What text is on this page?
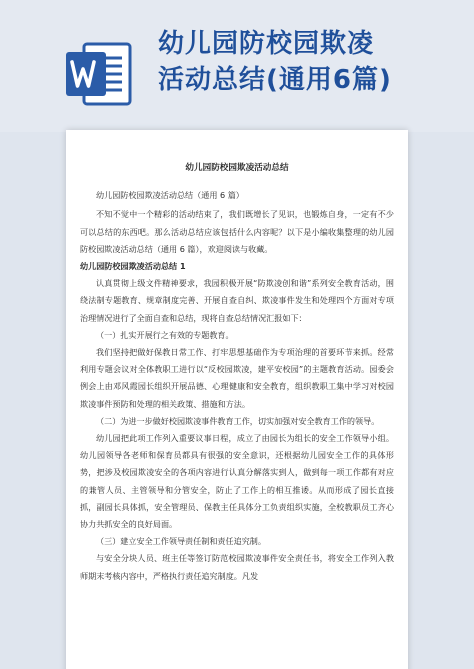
幼儿园防校园欺凌
活动总结(通用6篇)
幼儿园防校园欺凌活动总结

幼儿园防校园欺凌活动总结（通用 6 篇）

不知不觉中一个精彩的活动结束了，我们既增长了见识，也锻炼自身，一定有不少可以总结的东西吧。那么活动总结应该包括什么内容呢？以下是小编收集整理的幼儿园防校园欺凌活动总结（通用 6 篇），欢迎阅读与收藏。

幼儿园防校园欺凌活动总结 1

认真贯彻上级文件精神要求，我园积极开展“防欺凌创和谐”系列安全教育活动，围绕法制专题教育、规章制度完善、开展自查自纠、欺凌事件发生和处理四个方面对专项治理情况进行了全面自查和总结，现将自查总结情况汇报如下：

（一）扎实开展行之有效的专题教育。

我们坚持把做好保教日常工作、打牢思想基础作为专项治理的首要环节来抓。经常利用专题会议对全体教职工进行以“反校园欺凌，建平安校园”的主题教育活动。园委会例会上由邓风霞园长组织开展品德、心理健康和安全教育，组织教职工集中学习对校园欺凌事件预防和处理的相关政策、措施和方法。

（二）为进一步做好校园欺凌事件教育工作，切实加强对安全教育工作的领导。

幼儿园把此项工作列入重要议事日程，成立了由园长为组长的安全工作领导小组。幼儿园领导各老师和保育员都具有很强的安全意识，还根据幼儿园安全工作的具体形势，把涉及校园欺凌安全的各项内容进行认真分解落实到人，做到每一项工作都有对应的兼管人员、主管领导和分管安全，防止了工作上的相互推诿。从而形成了园长直接抓，副园长具体抓，安全管理员、保教主任具体分工负责组织实施，全校教职员工齐心协力共抓安全的良好局面。

（三）建立安全工作领导责任制和责任追究制。

与安全分块人员、班主任等签订防范校园欺凌事件安全责任书，将安全工作列入教师期末考核内容中，严格执行责任追究制度。凡发
